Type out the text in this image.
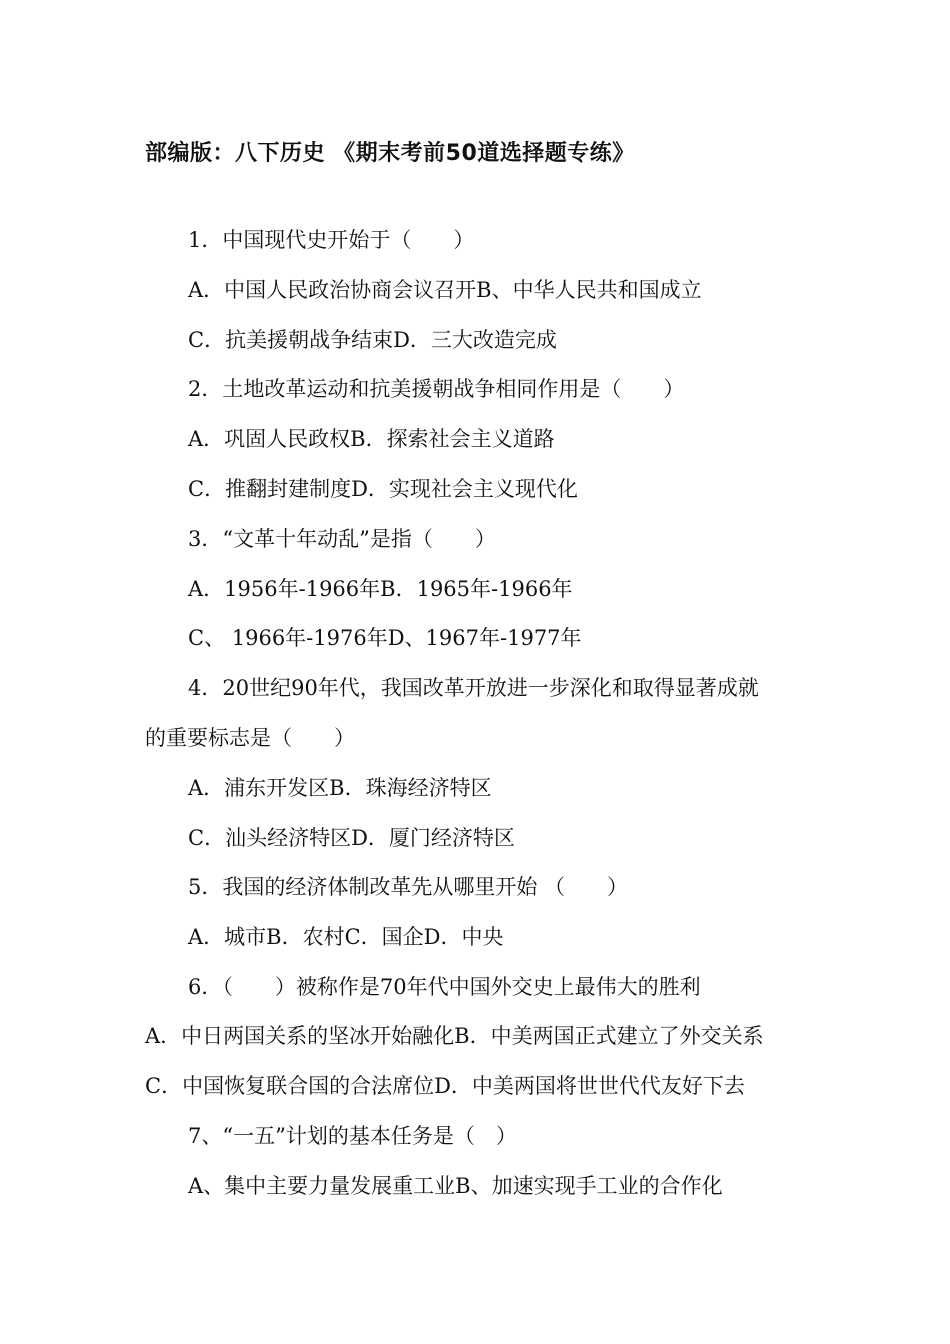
部编版：八下历史 《期末考前50道选择题专练》
1．中国现代史开始于（　　）
A．中国人民政治协商会议召开B、中华人民共和国成立
C．抗美援朝战争结束D．三大改造完成
2．土地改革运动和抗美援朝战争相同作用是（　　）
A．巩固人民政权B．探索社会主义道路
C．推翻封建制度D．实现社会主义现代化
3．“文革十年动乱”是指（　　）
A．1956年-1966年B．1965年-1966年
C、 1966年-1976年D、1967年-1977年
4．20世纪90年代，我国改革开放进一步深化和取得显著成就
的重要标志是（　　）
A．浦东开发区B．珠海经济特区
C．汕头经济特区D．厦门经济特区
5．我国的经济体制改革先从哪里开始 （　　）
A．城市B．农村C．国企D．中央
6．（　　）被称作是70年代中国外交史上最伟大的胜利
A．中日两国关系的坚冰开始融化B．中美两国正式建立了外交关系
C．中国恢复联合国的合法席位D．中美两国将世世代代友好下去
7、“一五”计划的基本任务是（　）
A、集中主要力量发展重工业B、加速实现手工业的合作化
